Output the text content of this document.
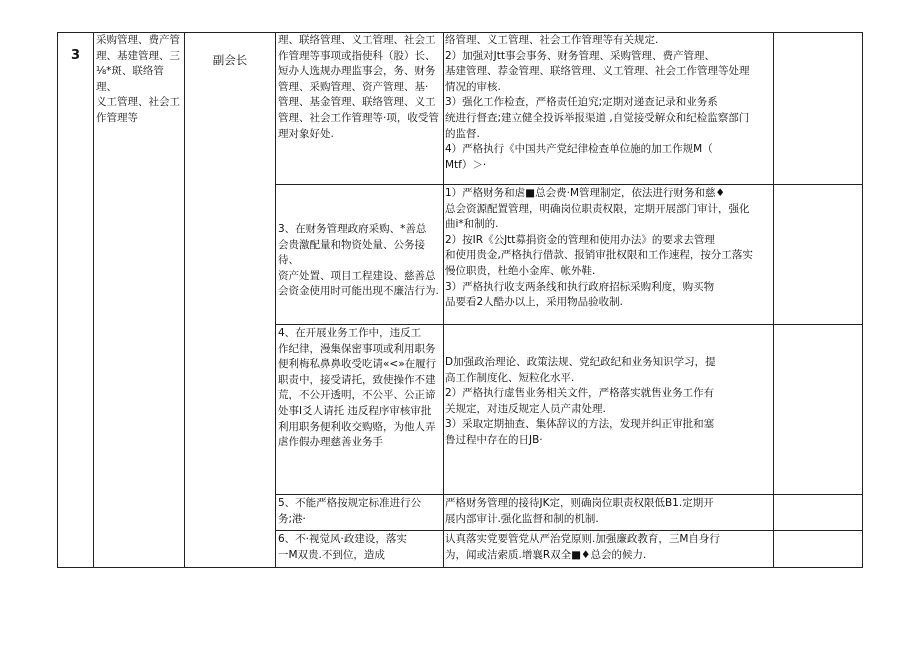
3
采购管理、费产管
理、基建管理、三
⅛*斑、联络管理、
义工管理、社会工
作管理等
副会长
理、联络管理、义工管理、社会工
作管理等事项或指使科（股）长、
短办人选规办理监事会，务、财务
管理、采购管理、资产管理、基·
管理、基金管理、联络管理、义工
管理、社会工作管理等·项，收受管
理对象好处.
3、在财务管理政府采购、*善总
会贵激配量和物资处量、公务接待、
资产处置、项目工程建设、慈善总
会资金使用时可能出现不廉洁行为.
4、在开展业务工作中，违反工
作纪律，漫集保密事项或利用职务
便利梅私鼻鼻收受吃请«<»在履行
职责中，接受请托，致使操作不建
荒，不公开透明，不公平、公正谛
处事I爻人请托 违反程序审核审批
利用职务便利收交购赂，为他人弄
虐作假办理慈善业务手
5、不能严格按规定标准进行公
务;港·
6、不·视觉风·政建设，落实
一M双贵.不到位，造成
络管理、义工管理、社会工作管理等有关规定.
2）加强对Jtt事会事务、财务管理、采购管理、费产管理、
基建管理、荐金管理、联络管理、义工管理、社会工作管理等处理
情况的审核.
3）强化工作检查，严格责任迫究;定期对递查记录和业务系
统进行督查;建立健全投诉举报渠道 ,自觉接受解众和纪检监察部门
的监督.
4）严格执行《中国共产党纪律检查单位施的加工作规M（
Mtf）＞·
1）严格财务和虐■总会费·M管理制定，依法进行财务和慈♦
总会资源配置管理，明确岗位职责权限，定期开展部门审计，强化
曲i*和制的.
2）按IR《公Jtt募捐资金的管理和使用办法》的要求去管理
和使用贵金,严格执行借款、报销审批权限和工作速程，按分工落实
慢位职贵，杜绝小金库、帐外鞋.
3）严格执行收支两条线和执行政府招标采购利度，购买物
品要看2人酷办以上，采用物品验收制.
D加强政治理论、政策法规、党纪政纪和业务知识学习，提
高工作制度化、短粒化水平.
2）严格执行虚售业务相关文件，严格落实就售业务工作有
关规定，对违反规定人员产肃处理.
3）采取定期抽查、集体辞议的方法，发现并纠正审批和塞
鲁过程中存在的日JB·
严格财务管理的接待JK定，则确岗位职责权限低B1.定期开
展内部审计.强化监督和制的机制.
认真落实党要管党从严治党原则.加强廉政教育，三M自身行
为，闻或洁索质.增襄R双全■♦总会的候力.
